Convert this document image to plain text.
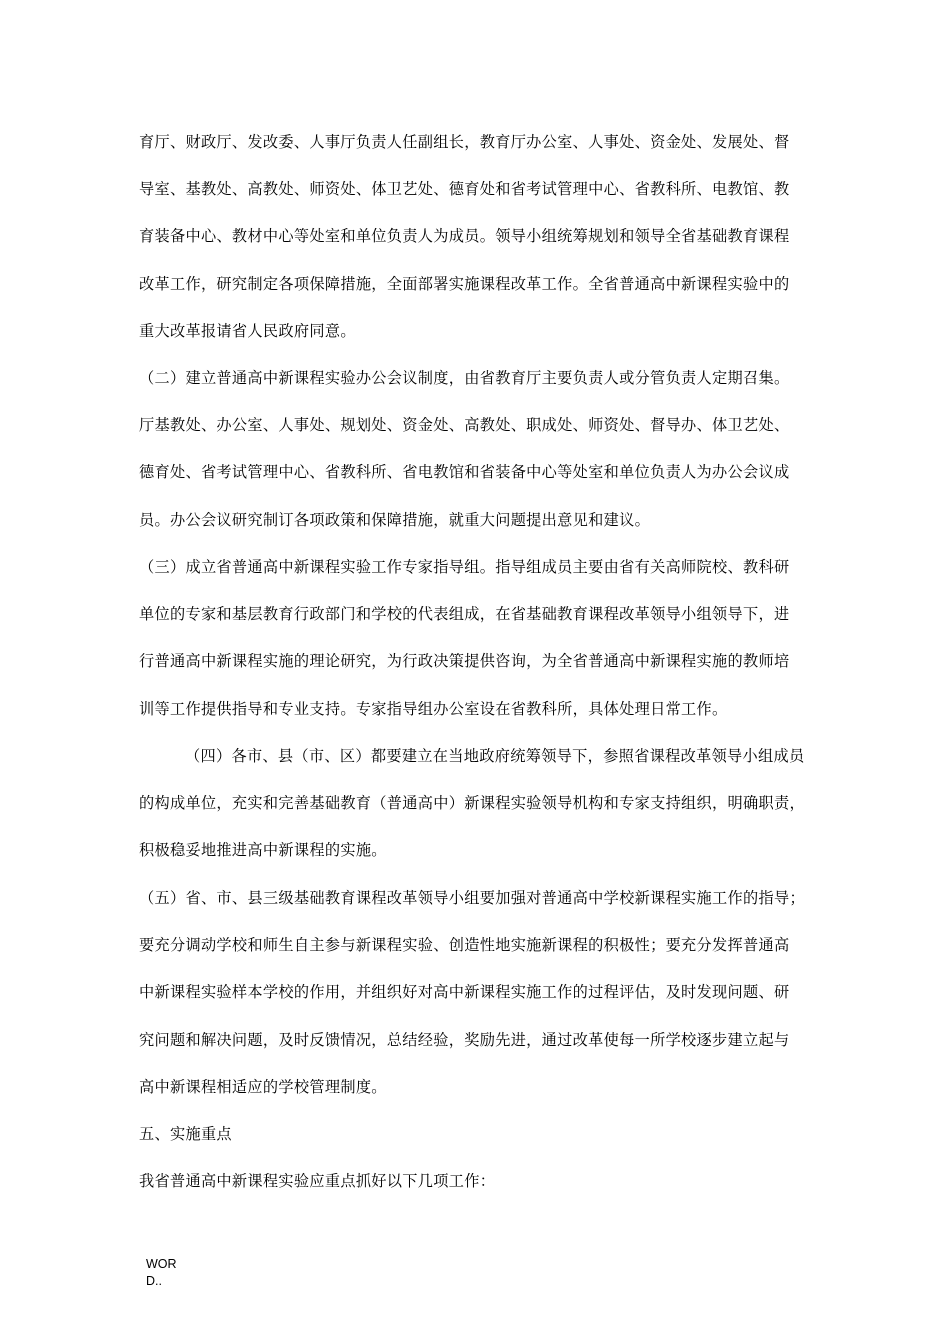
育厅、财政厅、发改委、人事厅负责人任副组长，教育厅办公室、人事处、资金处、发展处、督
导室、基教处、高教处、师资处、体卫艺处、德育处和省考试管理中心、省教科所、电教馆、教
育装备中心、教材中心等处室和单位负责人为成员。领导小组统筹规划和领导全省基础教育课程
改革工作，研究制定各项保障措施，全面部署实施课程改革工作。全省普通高中新课程实验中的
重大改革报请省人民政府同意。

（二）建立普通高中新课程实验办公会议制度，由省教育厅主要负责人或分管负责人定期召集。
厅基教处、办公室、人事处、规划处、资金处、高教处、职成处、师资处、督导办、体卫艺处、
德育处、省考试管理中心、省教科所、省电教馆和省装备中心等处室和单位负责人为办公会议成
员。办公会议研究制订各项政策和保障措施，就重大问题提出意见和建议。

（三）成立省普通高中新课程实验工作专家指导组。指导组成员主要由省有关高师院校、教科研
单位的专家和基层教育行政部门和学校的代表组成，在省基础教育课程改革领导小组领导下，进
行普通高中新课程实施的理论研究，为行政决策提供咨询，为全省普通高中新课程实施的教师培
训等工作提供指导和专业支持。专家指导组办公室设在省教科所，具体处理日常工作。

（四）各市、县（市、区）都要建立在当地政府统筹领导下，参照省课程改革领导小组成员

的构成单位，充实和完善基础教育（普通高中）新课程实验领导机构和专家支持组织，明确职责，
积极稳妥地推进高中新课程的实施。

（五）省、市、县三级基础教育课程改革领导小组要加强对普通高中学校新课程实施工作的指导；
要充分调动学校和师生自主参与新课程实验、创造性地实施新课程的积极性；要充分发挥普通高
中新课程实验样本学校的作用，并组织好对高中新课程实施工作的过程评估，及时发现问题、研
究问题和解决问题，及时反馈情况，总结经验，奖励先进，通过改革使每一所学校逐步建立起与
高中新课程相适应的学校管理制度。

五、实施重点

我省普通高中新课程实验应重点抓好以下几项工作：

WOR
D..
